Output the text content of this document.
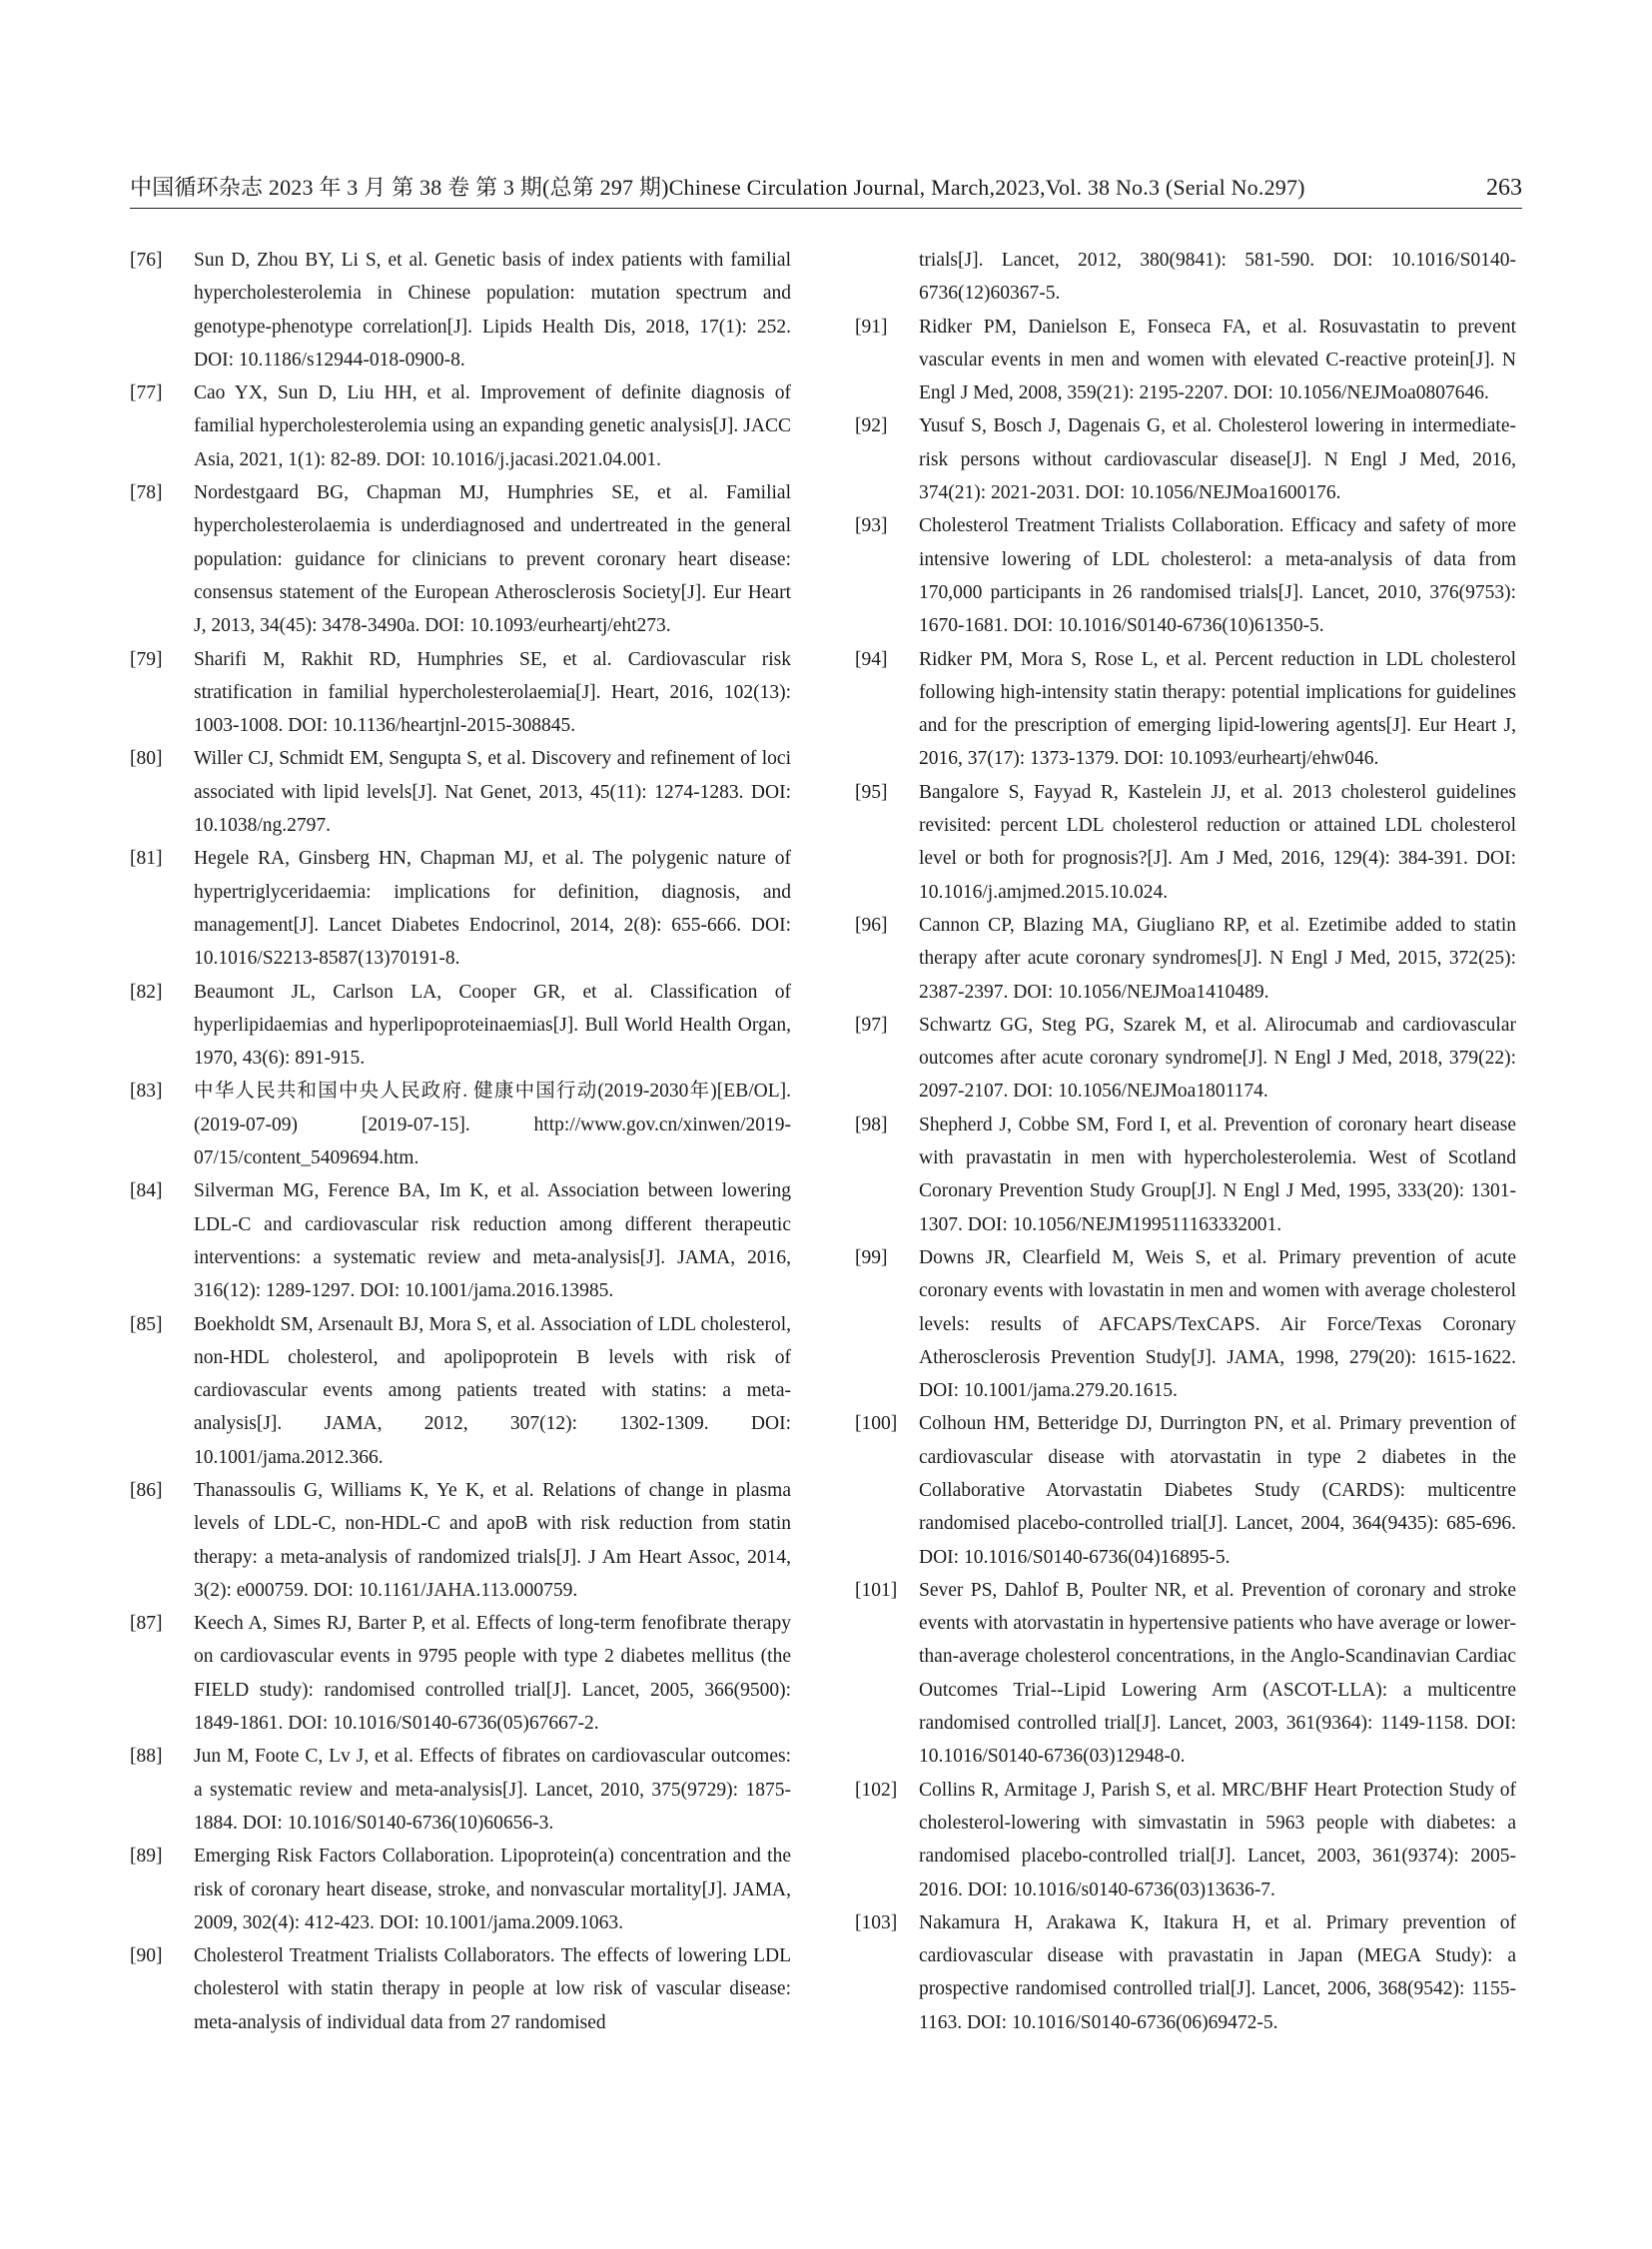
中国循环杂志 2023 年 3 月 第 38 卷 第 3 期(总第 297 期)Chinese Circulation Journal, March,2023,Vol. 38 No.3 (Serial No.297)	263
[76]	Sun D, Zhou BY, Li S, et al. Genetic basis of index patients with familial hypercholesterolemia in Chinese population: mutation spectrum and genotype-phenotype correlation[J]. Lipids Health Dis, 2018, 17(1): 252. DOI: 10.1186/s12944-018-0900-8.
[77]	Cao YX, Sun D, Liu HH, et al. Improvement of definite diagnosis of familial hypercholesterolemia using an expanding genetic analysis[J]. JACC Asia, 2021, 1(1): 82-89. DOI: 10.1016/j.jacasi.2021.04.001.
[78]	Nordestgaard BG, Chapman MJ, Humphries SE, et al. Familial hypercholesterolaemia is underdiagnosed and undertreated in the general population: guidance for clinicians to prevent coronary heart disease: consensus statement of the European Atherosclerosis Society[J]. Eur Heart J, 2013, 34(45): 3478-3490a. DOI: 10.1093/eurheartj/eht273.
[79]	Sharifi M, Rakhit RD, Humphries SE, et al. Cardiovascular risk stratification in familial hypercholesterolaemia[J]. Heart, 2016, 102(13): 1003-1008. DOI: 10.1136/heartjnl-2015-308845.
[80]	Willer CJ, Schmidt EM, Sengupta S, et al. Discovery and refinement of loci associated with lipid levels[J]. Nat Genet, 2013, 45(11): 1274-1283. DOI: 10.1038/ng.2797.
[81]	Hegele RA, Ginsberg HN, Chapman MJ, et al. The polygenic nature of hypertriglyceridaemia: implications for definition, diagnosis, and management[J]. Lancet Diabetes Endocrinol, 2014, 2(8): 655-666. DOI: 10.1016/S2213-8587(13)70191-8.
[82]	Beaumont JL, Carlson LA, Cooper GR, et al. Classification of hyperlipidaemias and hyperlipoproteinaemias[J]. Bull World Health Organ, 1970, 43(6): 891-915.
[83]	中华人民共和国中央人民政府. 健康中国行动(2019-2030年)[EB/OL]. (2019-07-09) [2019-07-15]. http://www.gov.cn/xinwen/2019-07/15/content_5409694.htm.
[84]	Silverman MG, Ference BA, Im K, et al. Association between lowering LDL-C and cardiovascular risk reduction among different therapeutic interventions: a systematic review and meta-analysis[J]. JAMA, 2016, 316(12): 1289-1297. DOI: 10.1001/jama.2016.13985.
[85]	Boekholdt SM, Arsenault BJ, Mora S, et al. Association of LDL cholesterol, non-HDL cholesterol, and apolipoprotein B levels with risk of cardiovascular events among patients treated with statins: a meta-analysis[J]. JAMA, 2012, 307(12): 1302-1309. DOI: 10.1001/jama.2012.366.
[86]	Thanassoulis G, Williams K, Ye K, et al. Relations of change in plasma levels of LDL-C, non-HDL-C and apoB with risk reduction from statin therapy: a meta-analysis of randomized trials[J]. J Am Heart Assoc, 2014, 3(2): e000759. DOI: 10.1161/JAHA.113.000759.
[87]	Keech A, Simes RJ, Barter P, et al. Effects of long-term fenofibrate therapy on cardiovascular events in 9795 people with type 2 diabetes mellitus (the FIELD study): randomised controlled trial[J]. Lancet, 2005, 366(9500): 1849-1861. DOI: 10.1016/S0140-6736(05)67667-2.
[88]	Jun M, Foote C, Lv J, et al. Effects of fibrates on cardiovascular outcomes: a systematic review and meta-analysis[J]. Lancet, 2010, 375(9729): 1875-1884. DOI: 10.1016/S0140-6736(10)60656-3.
[89]	Emerging Risk Factors Collaboration. Lipoprotein(a) concentration and the risk of coronary heart disease, stroke, and nonvascular mortality[J]. JAMA, 2009, 302(4): 412-423. DOI: 10.1001/jama.2009.1063.
[90]	Cholesterol Treatment Trialists Collaborators. The effects of lowering LDL cholesterol with statin therapy in people at low risk of vascular disease: meta-analysis of individual data from 27 randomised
trials[J]. Lancet, 2012, 380(9841): 581-590. DOI: 10.1016/S0140-6736(12)60367-5.
[91]	Ridker PM, Danielson E, Fonseca FA, et al. Rosuvastatin to prevent vascular events in men and women with elevated C-reactive protein[J]. N Engl J Med, 2008, 359(21): 2195-2207. DOI: 10.1056/NEJMoa0807646.
[92]	Yusuf S, Bosch J, Dagenais G, et al. Cholesterol lowering in intermediate-risk persons without cardiovascular disease[J]. N Engl J Med, 2016, 374(21): 2021-2031. DOI: 10.1056/NEJMoa1600176.
[93]	Cholesterol Treatment Trialists Collaboration. Efficacy and safety of more intensive lowering of LDL cholesterol: a meta-analysis of data from 170,000 participants in 26 randomised trials[J]. Lancet, 2010, 376(9753): 1670-1681. DOI: 10.1016/S0140-6736(10)61350-5.
[94]	Ridker PM, Mora S, Rose L, et al. Percent reduction in LDL cholesterol following high-intensity statin therapy: potential implications for guidelines and for the prescription of emerging lipid-lowering agents[J]. Eur Heart J, 2016, 37(17): 1373-1379. DOI: 10.1093/eurheartj/ehw046.
[95]	Bangalore S, Fayyad R, Kastelein JJ, et al. 2013 cholesterol guidelines revisited: percent LDL cholesterol reduction or attained LDL cholesterol level or both for prognosis?[J]. Am J Med, 2016, 129(4): 384-391. DOI: 10.1016/j.amjmed.2015.10.024.
[96]	Cannon CP, Blazing MA, Giugliano RP, et al. Ezetimibe added to statin therapy after acute coronary syndromes[J]. N Engl J Med, 2015, 372(25): 2387-2397. DOI: 10.1056/NEJMoa1410489.
[97]	Schwartz GG, Steg PG, Szarek M, et al. Alirocumab and cardiovascular outcomes after acute coronary syndrome[J]. N Engl J Med, 2018, 379(22): 2097-2107. DOI: 10.1056/NEJMoa1801174.
[98]	Shepherd J, Cobbe SM, Ford I, et al. Prevention of coronary heart disease with pravastatin in men with hypercholesterolemia. West of Scotland Coronary Prevention Study Group[J]. N Engl J Med, 1995, 333(20): 1301-1307. DOI: 10.1056/NEJM199511163332001.
[99]	Downs JR, Clearfield M, Weis S, et al. Primary prevention of acute coronary events with lovastatin in men and women with average cholesterol levels: results of AFCAPS/TexCAPS. Air Force/Texas Coronary Atherosclerosis Prevention Study[J]. JAMA, 1998, 279(20): 1615-1622. DOI: 10.1001/jama.279.20.1615.
[100]	Colhoun HM, Betteridge DJ, Durrington PN, et al. Primary prevention of cardiovascular disease with atorvastatin in type 2 diabetes in the Collaborative Atorvastatin Diabetes Study (CARDS): multicentre randomised placebo-controlled trial[J]. Lancet, 2004, 364(9435): 685-696. DOI: 10.1016/S0140-6736(04)16895-5.
[101]	Sever PS, Dahlof B, Poulter NR, et al. Prevention of coronary and stroke events with atorvastatin in hypertensive patients who have average or lower-than-average cholesterol concentrations, in the Anglo-Scandinavian Cardiac Outcomes Trial--Lipid Lowering Arm (ASCOT-LLA): a multicentre randomised controlled trial[J]. Lancet, 2003, 361(9364): 1149-1158. DOI: 10.1016/S0140-6736(03)12948-0.
[102]	Collins R, Armitage J, Parish S, et al. MRC/BHF Heart Protection Study of cholesterol-lowering with simvastatin in 5963 people with diabetes: a randomised placebo-controlled trial[J]. Lancet, 2003, 361(9374): 2005-2016. DOI: 10.1016/s0140-6736(03)13636-7.
[103]	Nakamura H, Arakawa K, Itakura H, et al. Primary prevention of cardiovascular disease with pravastatin in Japan (MEGA Study): a prospective randomised controlled trial[J]. Lancet, 2006, 368(9542): 1155-1163. DOI: 10.1016/S0140-6736(06)69472-5.
